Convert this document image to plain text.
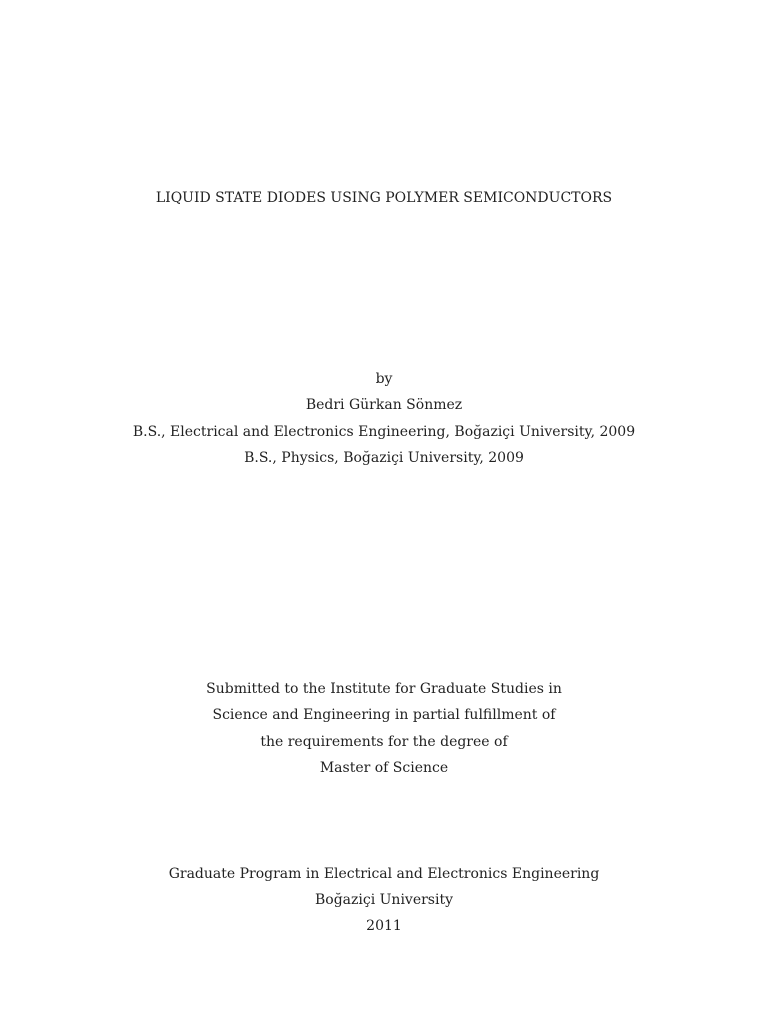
LIQUID STATE DIODES USING POLYMER SEMICONDUCTORS
by
Bedri Gürkan Sönmez
B.S., Electrical and Electronics Engineering, Boğaziçi University, 2009
B.S., Physics, Boğaziçi University, 2009
Submitted to the Institute for Graduate Studies in
Science and Engineering in partial fulfillment of
the requirements for the degree of
Master of Science
Graduate Program in Electrical and Electronics Engineering
Boğaziçi University
2011
